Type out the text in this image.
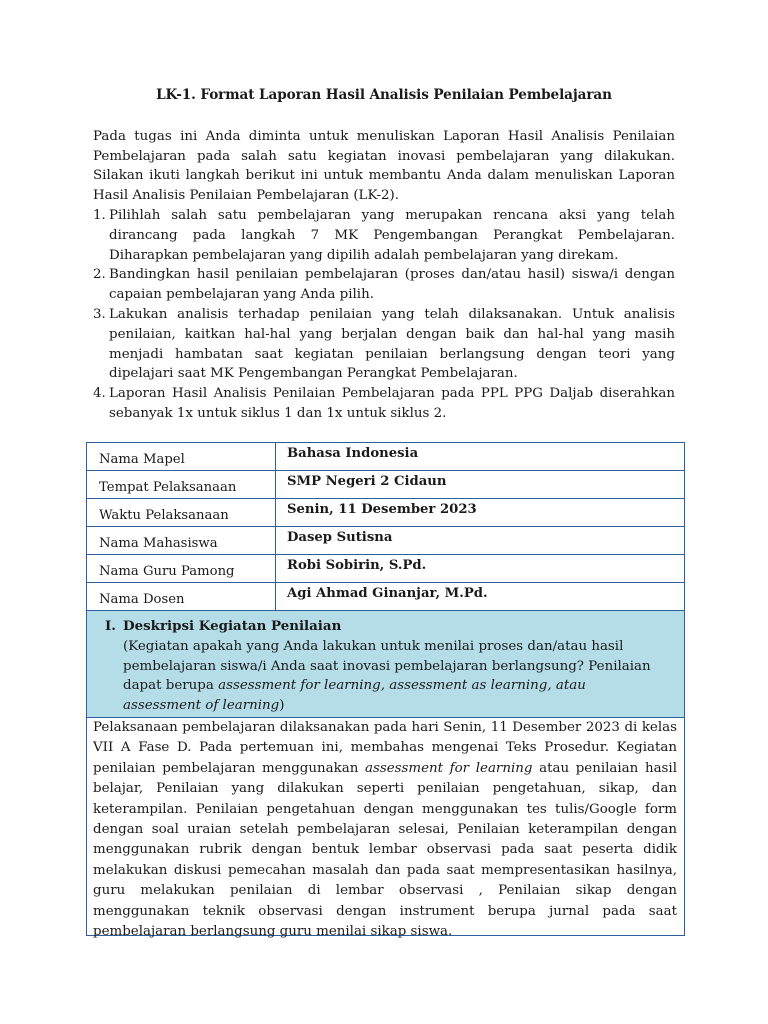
LK-1. Format Laporan Hasil Analisis Penilaian Pembelajaran

Pada tugas ini Anda diminta untuk menuliskan Laporan Hasil Analisis Penilaian Pembelajaran pada salah satu kegiatan inovasi pembelajaran yang dilakukan. Silakan ikuti langkah berikut ini untuk membantu Anda dalam menuliskan Laporan Hasil Analisis Penilaian Pembelajaran (LK-2).

1. Pilihlah salah satu pembelajaran yang merupakan rencana aksi yang telah dirancang pada langkah 7 MK Pengembangan Perangkat Pembelajaran. Diharapkan pembelajaran yang dipilih adalah pembelajaran yang direkam.
2. Bandingkan hasil penilaian pembelajaran (proses dan/atau hasil) siswa/i dengan capaian pembelajaran yang Anda pilih.
3. Lakukan analisis terhadap penilaian yang telah dilaksanakan. Untuk analisis penilaian, kaitkan hal-hal yang berjalan dengan baik dan hal-hal yang masih menjadi hambatan saat kegiatan penilaian berlangsung dengan teori yang dipelajari saat MK Pengembangan Perangkat Pembelajaran.
4. Laporan Hasil Analisis Penilaian Pembelajaran pada PPL PPG Daljab diserahkan sebanyak 1x untuk siklus 1 dan 1x untuk siklus 2.
Nama Mapel	Bahasa Indonesia
Tempat Pelaksanaan	SMP Negeri 2 Cidaun
Waktu Pelaksanaan	Senin, 11 Desember 2023
Nama Mahasiswa	Dasep Sutisna
Nama Guru Pamong	Robi Sobirin, S.Pd.
Nama Dosen	Agi Ahmad Ginanjar, M.Pd.
I. Deskripsi Kegiatan Penilaian
(Kegiatan apakah yang Anda lakukan untuk menilai proses dan/atau hasil pembelajaran siswa/i Anda saat inovasi pembelajaran berlangsung? Penilaian dapat berupa assessment for learning, assessment as learning, atau assessment of learning)
Pelaksanaan pembelajaran dilaksanakan pada hari Senin, 11 Desember 2023 di kelas VII A Fase D. Pada pertemuan ini, membahas mengenai Teks Prosedur. Kegiatan penilaian pembelajaran menggunakan assessment for learning atau penilaian hasil belajar, Penilaian yang dilakukan seperti penilaian pengetahuan, sikap, dan keterampilan. Penilaian pengetahuan dengan menggunakan tes tulis/Google form dengan soal uraian setelah pembelajaran selesai, Penilaian keterampilan dengan menggunakan rubrik dengan bentuk lembar observasi pada saat peserta didik melakukan diskusi pemecahan masalah dan pada saat mempresentasikan hasilnya, guru melakukan penilaian di lembar observasi , Penilaian sikap dengan menggunakan teknik observasi dengan instrument berupa jurnal pada saat pembelajaran berlangsung guru menilai sikap siswa.
